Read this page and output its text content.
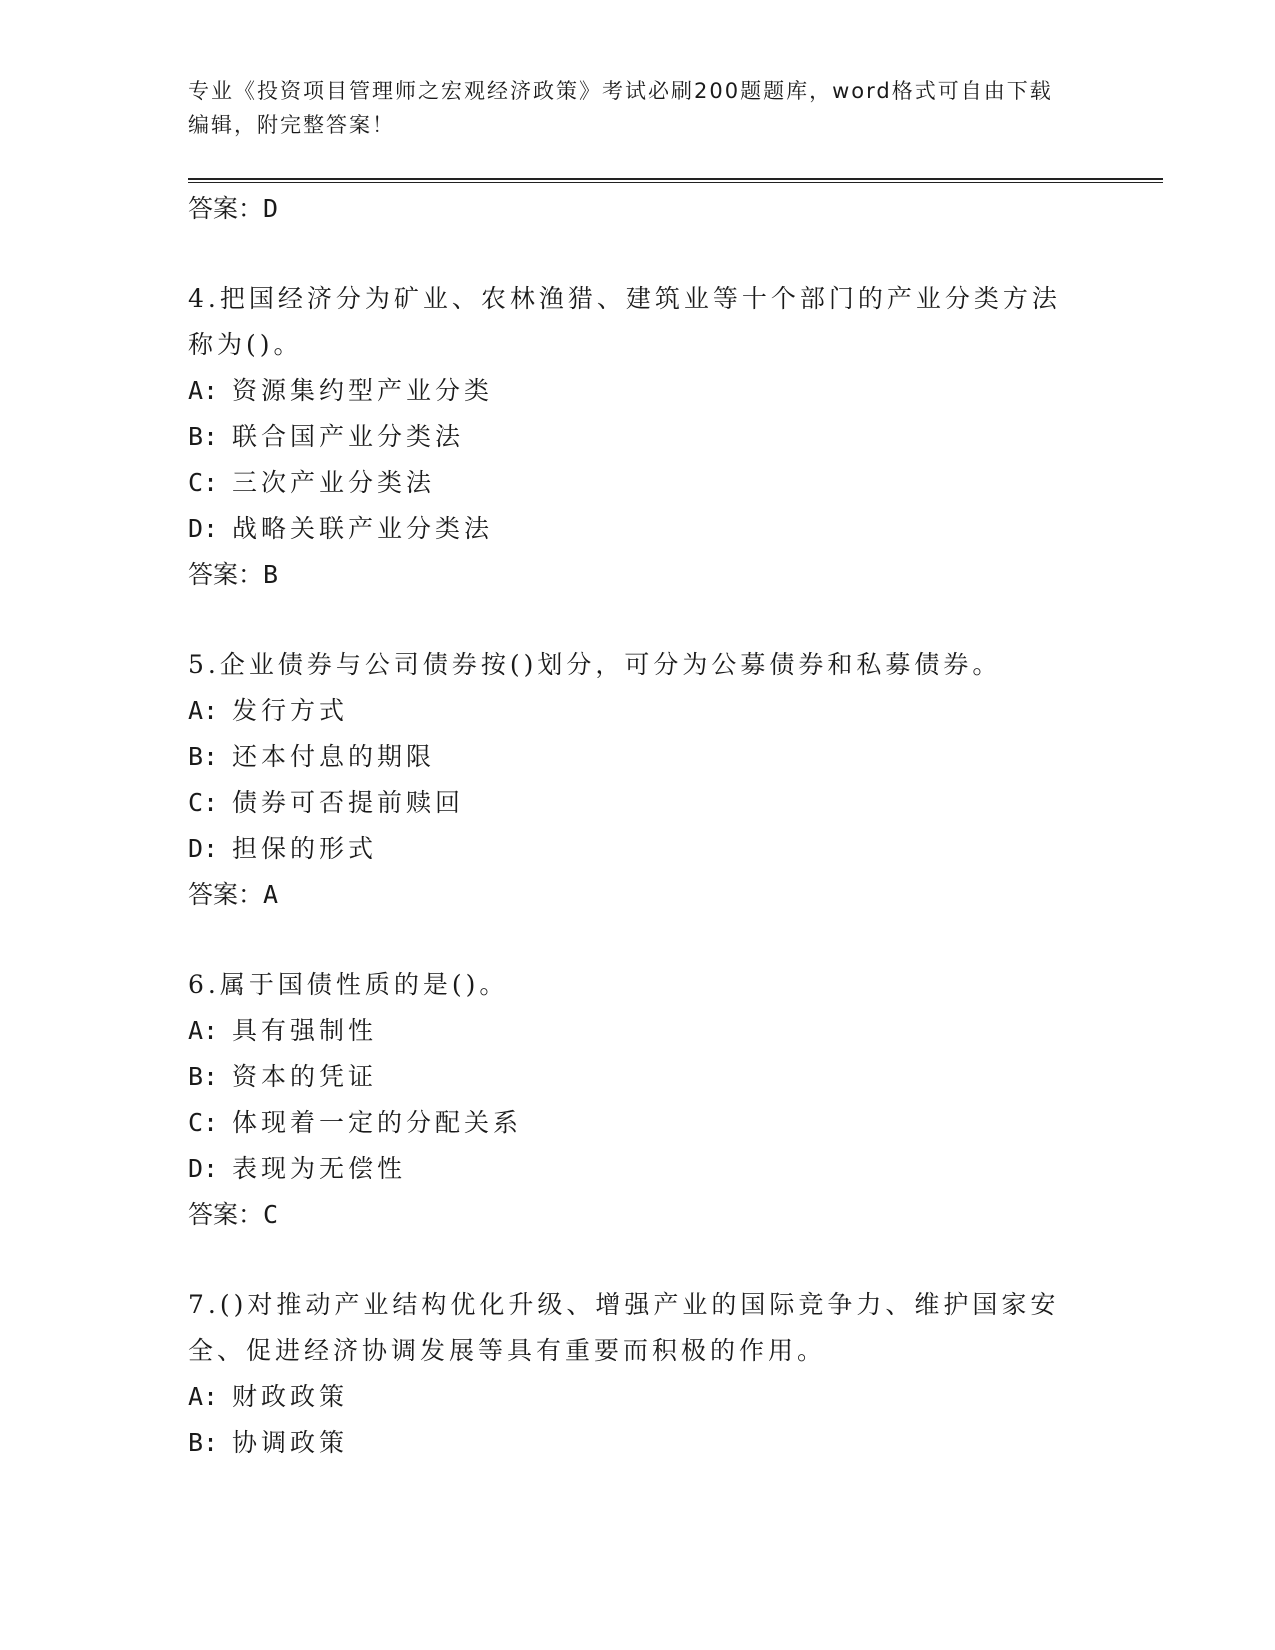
专业《投资项目管理师之宏观经济政策》考试必刷200题题库，word格式可自由下载编辑，附完整答案！
答案：D
4.把国经济分为矿业、农林渔猎、建筑业等十个部门的产业分类方法称为()。
A: 资源集约型产业分类
B: 联合国产业分类法
C: 三次产业分类法
D: 战略关联产业分类法
答案：B
5.企业债券与公司债券按()划分，可分为公募债券和私募债券。
A: 发行方式
B: 还本付息的期限
C: 债券可否提前赎回
D: 担保的形式
答案：A
6.属于国债性质的是()。
A: 具有强制性
B: 资本的凭证
C: 体现着一定的分配关系
D: 表现为无偿性
答案：C
7.()对推动产业结构优化升级、增强产业的国际竞争力、维护国家安全、促进经济协调发展等具有重要而积极的作用。
A: 财政政策
B: 协调政策
